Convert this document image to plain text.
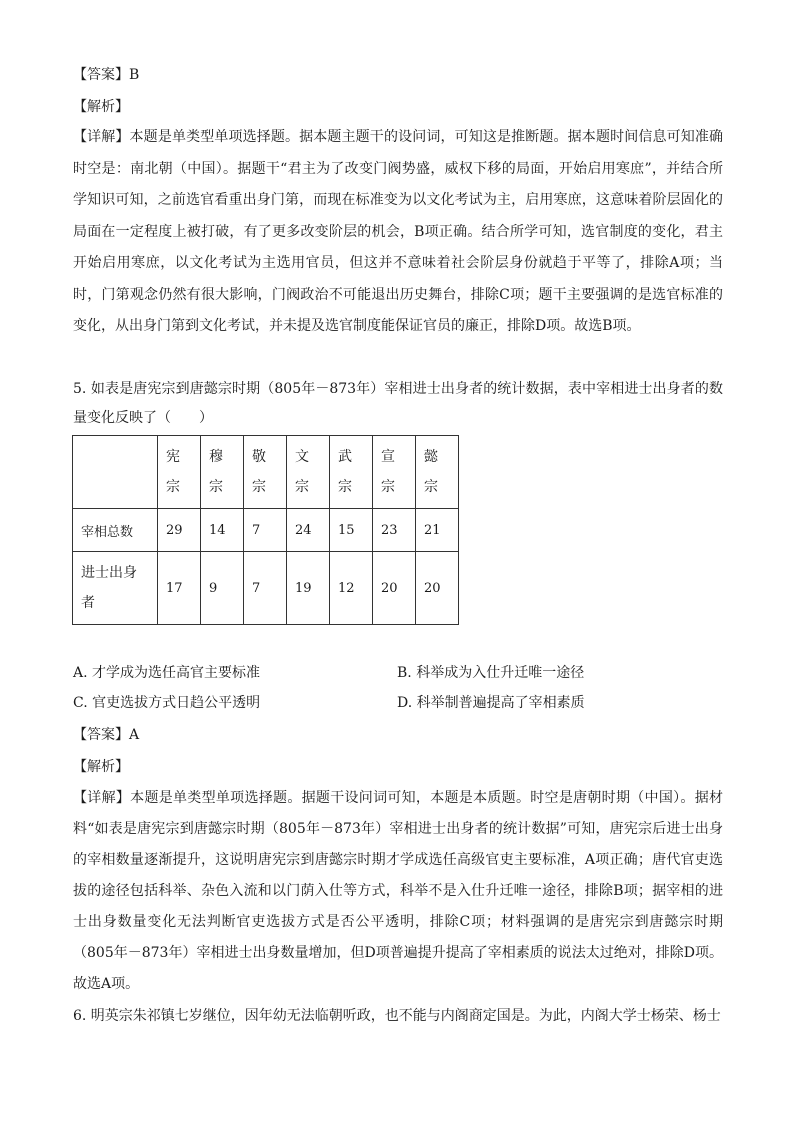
【答案】B
【解析】
【详解】本题是单类型单项选择题。据本题主题干的设问词，可知这是推断题。据本题时间信息可知准确时空是：南北朝（中国）。据题干“君主为了改变门阀势盛，威权下移的局面，开始启用寒庶”，并结合所学知识可知，之前选官看重出身门第，而现在标准变为以文化考试为主，启用寒庶，这意味着阶层固化的局面在一定程度上被打破，有了更多改变阶层的机会，B项正确。结合所学可知，选官制度的变化，君主开始启用寒庶，以文化考试为主选用官员，但这并不意味着社会阶层身份就趋于平等了，排除A项；当时，门第观念仍然有很大影响，门阀政治不可能退出历史舞台，排除C项；题干主要强调的是选官标准的变化，从出身门第到文化考试，并未提及选官制度能保证官员的廉正，排除D项。故选B项。
5. 如表是唐宪宗到唐懿宗时期（805年－873年）宰相进士出身者的统计数据，表中宰相进士出身者的数量变化反映了（　　）
	宪宗	穆宗	敬宗	文宗	武宗	宣宗	懿宗
宰相总数	29	14	7	24	15	23	21
进士出身者	17	9	7	19	12	20	20
A. 才学成为选任高官主要标准	B. 科举成为入仕升迁唯一途径
C. 官吏选拔方式日趋公平透明	D. 科举制普遍提高了宰相素质
【答案】A
【解析】
【详解】本题是单类型单项选择题。据题干设问词可知，本题是本质题。时空是唐朝时期（中国）。据材料“如表是唐宪宗到唐懿宗时期（805年－873年）宰相进士出身者的统计数据”可知，唐宪宗后进士出身的宰相数量逐渐提升，这说明唐宪宗到唐懿宗时期才学成选任高级官吏主要标准，A项正确；唐代官吏选拔的途径包括科举、杂色入流和以门荫入仕等方式，科举不是入仕升迁唯一途径，排除B项；据宰相的进士出身数量变化无法判断官吏选拔方式是否公平透明，排除C项；材料强调的是唐宪宗到唐懿宗时期（805年－873年）宰相进士出身数量增加，但D项普遍提升提高了宰相素质的说法太过绝对，排除D项。故选A项。
6. 明英宗朱祁镇七岁继位，因年幼无法临朝听政，也不能与内阁商定国是。为此，内阁大学士杨荣、杨士
